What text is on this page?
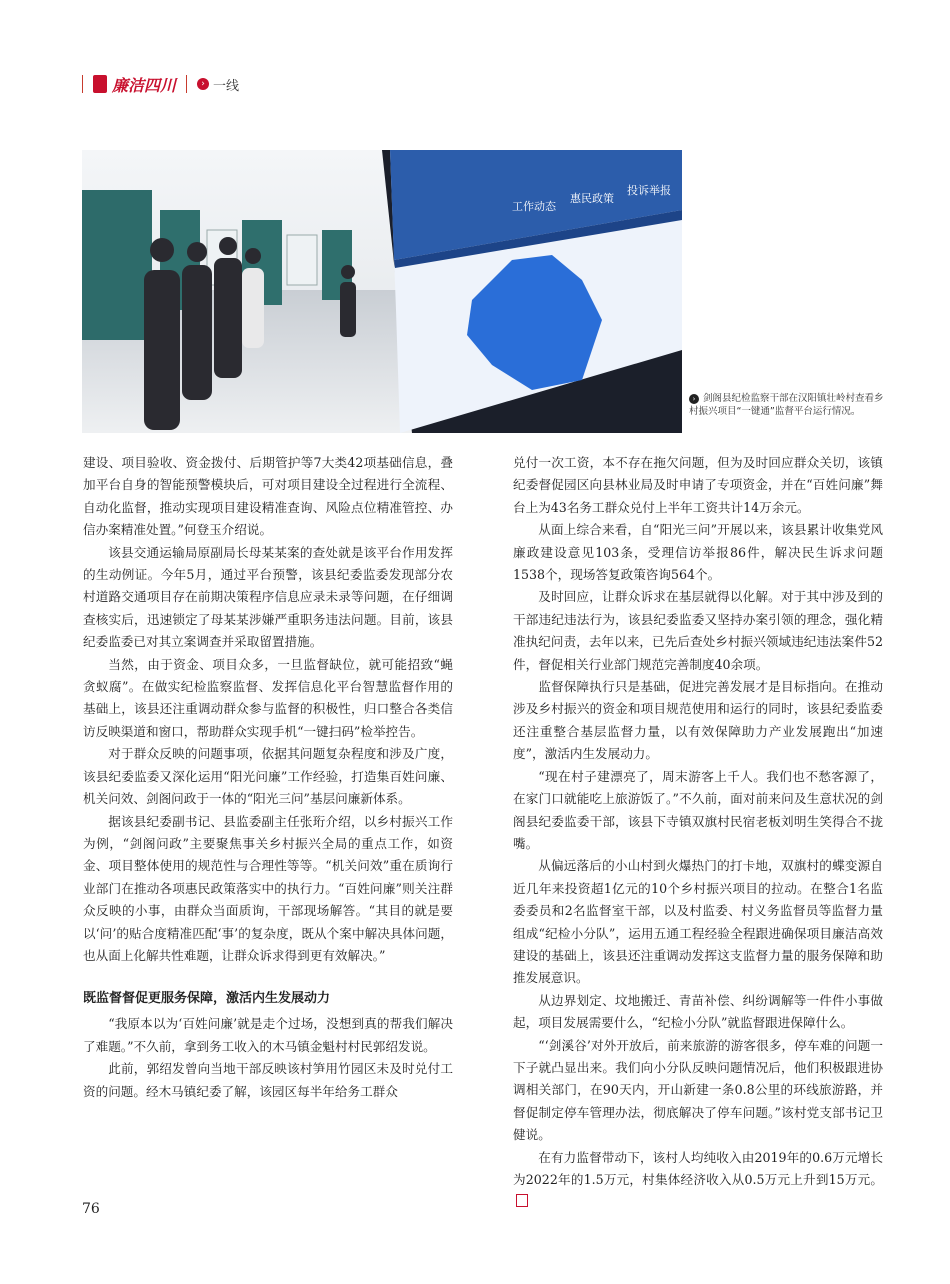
廉洁四川	› 一线
工作动态
惠民政策
投诉举报
› 剑阁县纪检监察干部在汉阳镇壮岭村查看乡村振兴项目“一键通”监督平台运行情况。

建设、项目验收、资金拨付、后期管护等7大类42项基础信息，叠加平台自身的智能预警模块后，可对项目建设全过程进行全流程、自动化监督，推动实现项目建设精准查询、风险点位精准管控、办信办案精准处置。”何登玉介绍说。

该县交通运输局原副局长母某某案的查处就是该平台作用发挥的生动例证。今年5月，通过平台预警，该县纪委监委发现部分农村道路交通项目存在前期决策程序信息应录未录等问题，在仔细调查核实后，迅速锁定了母某某涉嫌严重职务违法问题。目前，该县纪委监委已对其立案调查并采取留置措施。

当然，由于资金、项目众多，一旦监督缺位，就可能招致“蝇贪蚁腐”。在做实纪检监察监督、发挥信息化平台智慧监督作用的基础上，该县还注重调动群众参与监督的积极性，归口整合各类信访反映渠道和窗口，帮助群众实现手机“一键扫码”检举控告。

对于群众反映的问题事项，依据其问题复杂程度和涉及广度，该县纪委监委又深化运用“阳光问廉”工作经验，打造集百姓问廉、机关问效、剑阁问政于一体的“阳光三问”基层问廉新体系。

据该县纪委副书记、县监委副主任张珩介绍，以乡村振兴工作为例，“剑阁问政”主要聚焦事关乡村振兴全局的重点工作，如资金、项目整体使用的规范性与合理性等等。“机关问效”重在质询行业部门在推动各项惠民政策落实中的执行力。“百姓问廉”则关注群众反映的小事，由群众当面质询，干部现场解答。“其目的就是要以‘问’的贴合度精准匹配‘事’的复杂度，既从个案中解决具体问题，也从面上化解共性难题，让群众诉求得到更有效解决。”

既监督督促更服务保障，激活内生发展动力

“我原本以为‘百姓问廉’就是走个过场，没想到真的帮我们解决了难题。”不久前，拿到务工收入的木马镇金魁村村民郭绍发说。

此前，郭绍发曾向当地干部反映该村笋用竹园区未及时兑付工资的问题。经木马镇纪委了解，该园区每半年给务工群众

兑付一次工资，本不存在拖欠问题，但为及时回应群众关切，该镇纪委督促园区向县林业局及时申请了专项资金，并在“百姓问廉”舞台上为43名务工群众兑付上半年工资共计14万余元。

从面上综合来看，自“阳光三问”开展以来，该县累计收集党风廉政建设意见103条，受理信访举报86件，解决民生诉求问题1538个，现场答复政策咨询564个。

及时回应，让群众诉求在基层就得以化解。对于其中涉及到的干部违纪违法行为，该县纪委监委又坚持办案引领的理念，强化精准执纪问责，去年以来，已先后查处乡村振兴领域违纪违法案件52件，督促相关行业部门规范完善制度40余项。

监督保障执行只是基础，促进完善发展才是目标指向。在推动涉及乡村振兴的资金和项目规范使用和运行的同时，该县纪委监委还注重整合基层监督力量，以有效保障助力产业发展跑出“加速度”，激活内生发展动力。

“现在村子建漂亮了，周末游客上千人。我们也不愁客源了，在家门口就能吃上旅游饭了。”不久前，面对前来问及生意状况的剑阁县纪委监委干部，该县下寺镇双旗村民宿老板刘明生笑得合不拢嘴。

从偏远落后的小山村到火爆热门的打卡地，双旗村的蝶变源自近几年来投资超1亿元的10个乡村振兴项目的拉动。在整合1名监委委员和2名监督室干部，以及村监委、村义务监督员等监督力量组成“纪检小分队”，运用五通工程经验全程跟进确保项目廉洁高效建设的基础上，该县还注重调动发挥这支监督力量的服务保障和助推发展意识。

从边界划定、坟地搬迁、青苗补偿、纠纷调解等一件件小事做起，项目发展需要什么，“纪检小分队”就监督跟进保障什么。

“‘剑溪谷’对外开放后，前来旅游的游客很多，停车难的问题一下子就凸显出来。我们向小分队反映问题情况后，他们积极跟进协调相关部门，在90天内，开山新建一条0.8公里的环线旅游路，并督促制定停车管理办法，彻底解决了停车问题。”该村党支部书记卫健说。

在有力监督带动下，该村人均纯收入由2019年的0.6万元增长为2022年的1.5万元，村集体经济收入从0.5万元上升到15万元。

76
